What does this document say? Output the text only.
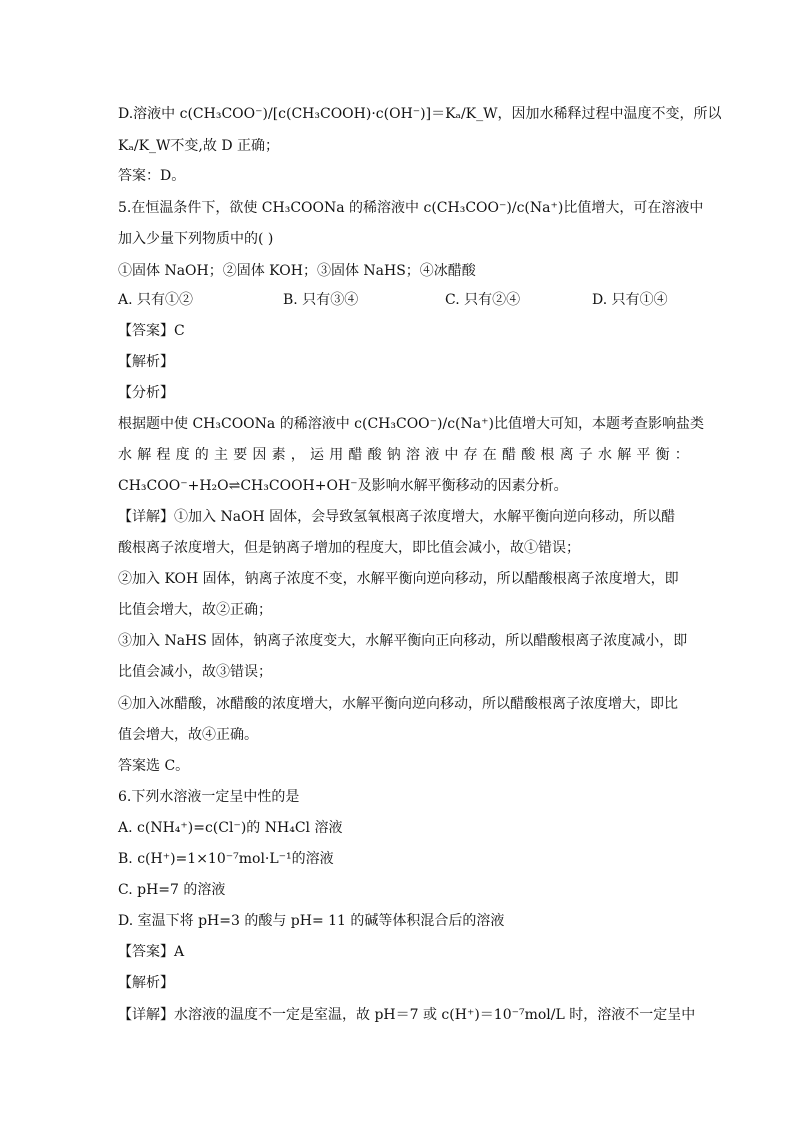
D.溶液中 c(CH₃COO⁻)/[c(CH₃COOH)·c(OH⁻)]＝Kₐ/K_W，因加水稀释过程中温度不变，所以
Kₐ/K_W不变,故 D 正确；
答案：D。
5.在恒温条件下，欲使 CH₃COONa 的稀溶液中 c(CH₃COO⁻)/c(Na⁺)比值增大，可在溶液中
加入少量下列物质中的( )
①固体 NaOH；②固体 KOH；③固体 NaHS；④冰醋酸
A. 只有①②	B. 只有③④	C. 只有②④	D. 只有①④
【答案】C
【解析】
【分析】
根据题中使 CH₃COONa 的稀溶液中 c(CH₃COO⁻)/c(Na⁺)比值增大可知，本题考查影响盐类
水解程度的主要因素，运用醋酸钠溶液中存在醋酸根离子水解平衡：
CH₃COO⁻+H₂O⇌CH₃COOH+OH⁻及影响水解平衡移动的因素分析。
【详解】①加入 NaOH 固体，会导致氢氧根离子浓度增大，水解平衡向逆向移动，所以醋
酸根离子浓度增大，但是钠离子增加的程度大，即比值会减小，故①错误；
②加入 KOH 固体，钠离子浓度不变，水解平衡向逆向移动，所以醋酸根离子浓度增大，即
比值会增大，故②正确；
③加入 NaHS 固体，钠离子浓度变大，水解平衡向正向移动，所以醋酸根离子浓度减小，即
比值会减小，故③错误；
④加入冰醋酸，冰醋酸的浓度增大，水解平衡向逆向移动，所以醋酸根离子浓度增大，即比
值会增大，故④正确。
答案选 C。
6.下列水溶液一定呈中性的是
A. c(NH₄⁺)=c(Cl⁻)的 NH₄Cl 溶液
B. c(H⁺)=1×10⁻⁷mol·L⁻¹的溶液
C. pH=7 的溶液
D. 室温下将 pH=3 的酸与 pH= 11 的碱等体积混合后的溶液
【答案】A
【解析】
【详解】水溶液的温度不一定是室温，故 pH＝7 或 c(H⁺)＝10⁻⁷mol/L 时，溶液不一定呈中
